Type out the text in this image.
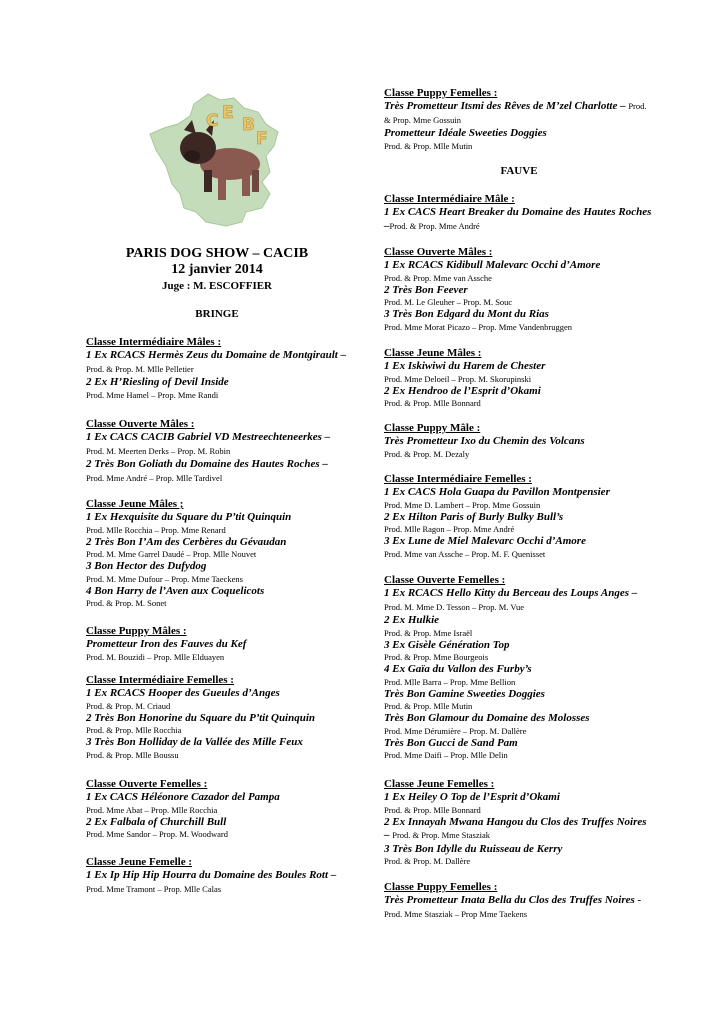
C E
B
F
PARIS DOG SHOW – CACIB
12 janvier 2014
Juge : M. ESCOFFIER
BRINGE
Classe Intermédiaire Mâles :
1 Ex RCACS Hermès Zeus du Domaine de Montgirault – Prod. & Prop. M. Mlle Pelletier
2 Ex H’Riesling of Devil Inside
Prod. Mme Hamel – Prop. Mme Randi
Classe Ouverte Mâles :
1 Ex CACS CACIB Gabriel VD Mestreechteneerkes – Prod. M. Meerten Derks – Prop. M. Robin
2 Très Bon Goliath du Domaine des Hautes Roches – Prod. Mme André – Prop. Mlle Tardivel
Classe Jeune Mâles ;
1 Ex Hexquisite du Square du P’tit Quinquin
Prod. Mlle Rocchia – Prop. Mme Renard
2 Très Bon I’Am des Cerbères du Gévaudan
Prod. M. Mme Garrel Daudé – Prop. Mlle Nouvet
3 Bon Hector des Dufydog
Prod. M. Mme Dufour – Prop. Mme Taeckens
4 Bon Harry de l’Aven aux Coquelicots
Prod. & Prop. M. Sonet
Classe Puppy Mâles :
Prometteur Iron des Fauves du Kef
Prod. M. Bouzidi – Prop. Mlle Elduayen
Classe Intermédiaire Femelles :
1 Ex RCACS Hooper des Gueules d’Anges
Prod. & Prop. M. Criaud
2 Très Bon Honorine du Square du P’tit Quinquin
Prod. & Prop. Mlle Rocchia
3 Très Bon Holliday de la Vallée des Mille Feux
Prod. & Prop. Mlle Boussu
Classe Ouverte Femelles :
1 Ex CACS Héléonore Cazador del Pampa
Prod. Mme Abat – Prop. Mlle Rocchia
2 Ex Falbala of Churchill Bull
Prod. Mme Sandor – Prop. M. Woodward
Classe Jeune Femelle :
1 Ex Ip Hip Hip Hourra du Domaine des Boules Rott – Prod. Mme Tramont – Prop. Mlle Calas
Classe Puppy Femelles :
Très Prometteur Itsmi des Rêves de M’zel Charlotte – Prod. & Prop. Mme Gossuin
Prometteur Idéale Sweeties Doggies
Prod. & Prop. Mlle Mutin
FAUVE
Classe Intermédiaire Mâle :
1 Ex CACS Heart Breaker du Domaine des Hautes Roches –Prod. & Prop. Mme André
Classe Ouverte Mâles :
1 Ex RCACS Kidibull Malevarc Occhi d’Amore
Prod. & Prop. Mme van Assche
2 Très Bon Feever
Prod. M. Le Gleuher – Prop. M. Souc
3 Très Bon Edgard du Mont du Rias
Prod. Mme Morat Picazo – Prop. Mme Vandenbruggen
Classe Jeune Mâles :
1 Ex Iskiwiwi du Harem de Chester
Prod. Mme Deloeil – Prop. M. Skorupinski
2 Ex Hendroo de l’Esprit d’Okami
Prod. & Prop. Mlle Bonnard
Classe Puppy Mâle :
Très Prometteur Ixo du Chemin des Volcans
Prod. & Prop. M. Dezaly
Classe Intermédiaire Femelles :
1 Ex CACS Hola Guapa du Pavillon Montpensier
Prod. Mme D. Lambert – Prop. Mme Gossuin
2 Ex Hilton Paris of Burly Bulky Bull’s
Prod. Mlle Ragon – Prop. Mme André
3 Ex Lune de Miel Malevarc Occhi d’Amore
Prod. Mme van Assche – Prop. M. F. Quenisset
Classe Ouverte Femelles :
1 Ex RCACS Hello Kitty du Berceau des Loups Anges – Prod. M. Mme D. Tesson – Prop. M. Vue
2 Ex Hulkie
Prod. & Prop. Mme Israël
3 Ex Gisèle Génération Top
Prod. & Prop. Mme Bourgeois
4 Ex Gaïa du Vallon des Furby’s
Prod. Mlle Barra – Prop. Mme Bellion
Très Bon Gamine Sweeties Doggies
Prod. & Prop. Mlle Mutin
Très Bon Glamour du Domaine des Molosses
Prod. Mme Dérumière – Prop. M. Dallère
Très Bon Gucci de Sand Pam
Prod. Mme Daifi – Prop. Mlle Delin
Classe Jeune Femelles :
1 Ex Heiley O Top de l’Esprit d’Okami
Prod. & Prop. Mlle Bonnard
2 Ex Innayah Mwana Hangou du Clos des Truffes Noires – Prod. & Prop. Mme Stasziak
3 Très Bon Idylle du Ruisseau de Kerry
Prod. & Prop. M. Dallère
Classe Puppy Femelles :
Très Prometteur Inata Bella du Clos des Truffes Noires - Prod. Mme Stasziak – Prop Mme Taekens
